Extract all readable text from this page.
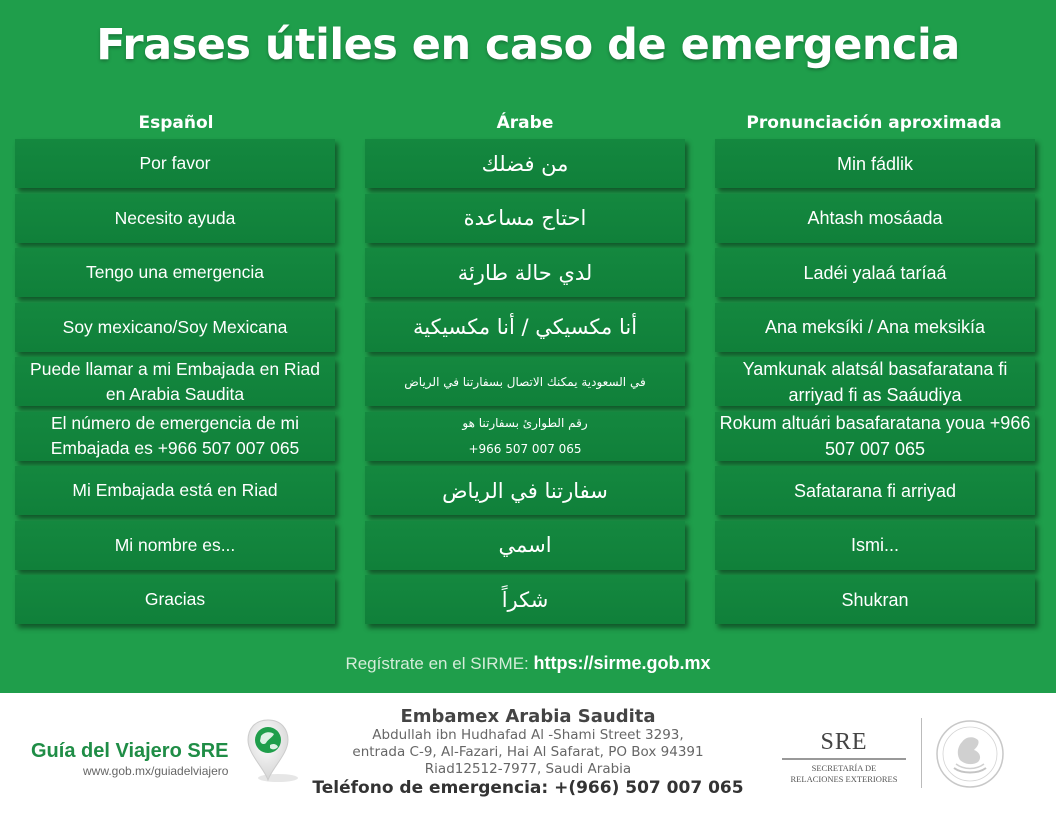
Frases útiles en caso de emergencia
Español	Árabe	Pronunciación aproximada
Por favor
Necesito ayuda
Tengo una emergencia
Soy mexicano/Soy Mexicana
Puede llamar a mi Embajada en Riad en Arabia Saudita
El número de emergencia de mi Embajada es +966 507 007 065
Mi Embajada está en Riad
Mi nombre es...
Gracias
من فضلك
احتاج مساعدة
لدي حالة طارئة
أنا مكسيكي / أنا مكسيكية
في السعودية يمكنك الاتصال بسفارتنا في الرياض
رقم الطوارئ بسفارتنا هو
+966 507 007 065
سفارتنا في الرياض
اسمي
شكراً
Min fádlik
Ahtash mosáada
Ladéi yalaá taríaá
Ana meksíki / Ana meksikía
Yamkunak alatsál basafaratana fi arriyad fi as Saáudiya
Rokum altuári basafaratana youa +966 507 007 065
Safatarana fi arriyad
Ismi...
Shukran
Regístrate en el SIRME: https://sirme.gob.mx
Guía del Viajero SRE
www.gob.mx/guiadelviajero
Embamex Arabia Saudita
Abdullah ibn Hudhafad Al -Shami Street 3293,
entrada C-9, Al-Fazari, Hai Al Safarat, PO Box 94391
Riad12512-7977, Saudi Arabia
Teléfono de emergencia: +(966) 507 007 065
SRE
SECRETARÍA DE
RELACIONES EXTERIORES
